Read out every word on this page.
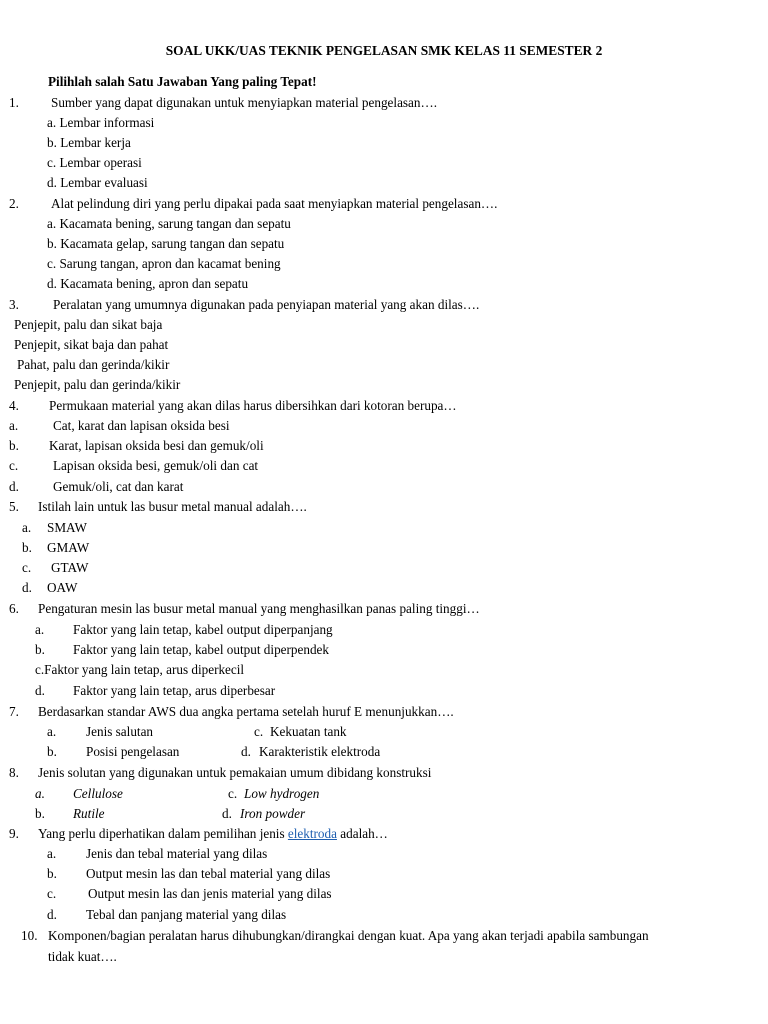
SOAL UKK/UAS TEKNIK PENGELASAN SMK KELAS 11 SEMESTER 2
Pilihlah salah Satu Jawaban Yang paling Tepat!
1. Sumber yang dapat digunakan untuk menyiapkan material pengelasan….
a. Lembar informasi
b. Lembar kerja
c. Lembar operasi
d. Lembar evaluasi
2. Alat pelindung diri yang perlu dipakai pada saat menyiapkan material pengelasan….
a. Kacamata bening, sarung tangan dan sepatu
b. Kacamata gelap, sarung tangan dan sepatu
c. Sarung tangan, apron dan kacamat bening
d. Kacamata bening, apron dan sepatu
3.	Peralatan yang umumnya digunakan pada penyiapan material yang akan dilas….
Penjepit, palu dan sikat baja
Penjepit, sikat baja dan pahat
Pahat, palu dan gerinda/kikir
Penjepit, palu dan gerinda/kikir
4. Permukaan material yang akan dilas harus dibersihkan dari kotoran berupa…
a.	Cat, karat dan lapisan oksida besi
b. Karat, lapisan oksida besi dan gemuk/oli
c.	Lapisan oksida besi, gemuk/oli dan cat
d.	Gemuk/oli, cat dan karat
5. Istilah lain untuk las busur metal manual adalah….
a. SMAW
b. GMAW
c. GTAW
d. OAW
6. Pengaturan mesin las busur metal manual yang menghasilkan panas paling tinggi…
a. Faktor yang lain tetap, kabel output diperpanjang
b. Faktor yang lain tetap, kabel output diperpendek
c.Faktor yang lain tetap, arus diperkecil
d. Faktor yang lain tetap, arus diperbesar
7. Berdasarkan standar AWS dua angka pertama setelah huruf E menunjukkan….
a. Jenis salutan	c. Kekuatan tank
b. Posisi pengelasan	d. Karakteristik elektroda
8. Jenis solutan yang digunakan untuk pemakaian umum dibidang konstruksi
a. Cellulose	c. Low hydrogen
b. Rutile	d. Iron powder
9. Yang perlu diperhatikan dalam pemilihan jenis elektroda adalah…
a. Jenis dan tebal material yang dilas
b. Output mesin las dan tebal material yang dilas
c. Output mesin las dan jenis material yang dilas
d. Tebal dan panjang material yang dilas
10. Komponen/bagian peralatan harus dihubungkan/dirangkai dengan kuat. Apa yang akan terjadi apabila sambungan
tidak kuat….
